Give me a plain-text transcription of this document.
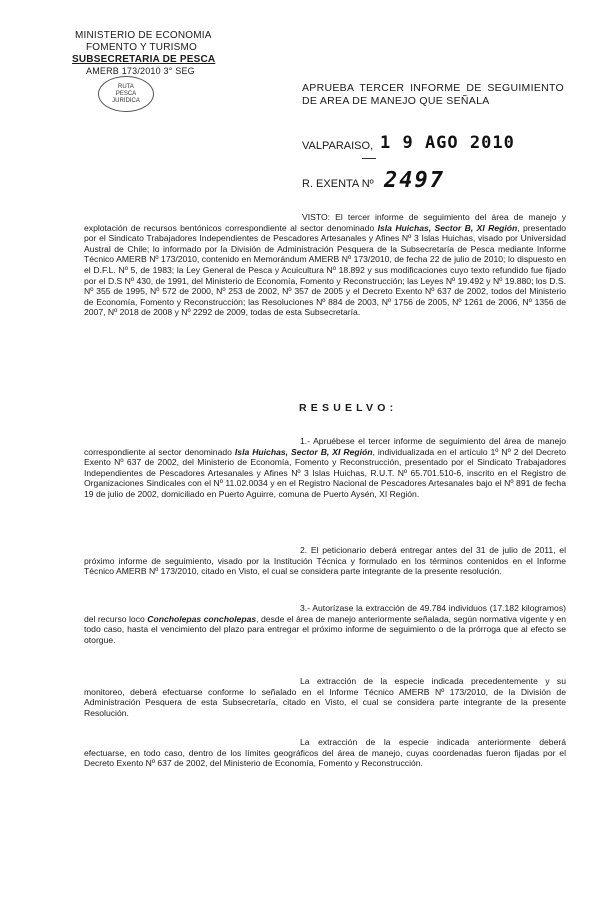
MINISTERIO DE ECONOMIA
FOMENTO Y TURISMO
SUBSECRETARIA DE PESCA
AMERB 173/2010 3° SEG
RUTA
PESCA
JURIDICA
APRUEBA TERCER INFORME DE SEGUIMIENTO DE AREA DE MANEJO QUE SEÑALA
VALPARAISO, 1 9 AGO 2010
R. EXENTA Nº 2497
VISTO: El tercer informe de seguimiento del área de manejo y explotación de recursos bentónicos correspondiente al sector denominado Isla Huichas, Sector B, XI Región, presentado por el Sindicato Trabajadores Independientes de Pescadores Artesanales y Afines Nº 3 Islas Huichas, visado por Universidad Austral de Chile; lo informado por la División de Administración Pesquera de la Subsecretaría de Pesca mediante Informe Técnico AMERB Nº 173/2010, contenido en Memorándum AMERB Nº 173/2010, de fecha 22 de julio de 2010; lo dispuesto en el D.F.L. Nº 5, de 1983; la Ley General de Pesca y Acuicultura Nº 18.892 y sus modificaciones cuyo texto refundido fue fijado por el D.S Nº 430, de 1991, del Ministerio de Economía, Fomento y Reconstrucción; las Leyes Nº 19.492 y Nº 19.880; los D.S. Nº 355 de 1995, Nº 572 de 2000, Nº 253 de 2002, Nº 357 de 2005 y el Decreto Exento Nº 637 de 2002, todos del Ministerio de Economía, Fomento y Reconstrucción; las Resoluciones Nº 884 de 2003, Nº 1756 de 2005, Nº 1261 de 2006, Nº 1356 de 2007, Nº 2018 de 2008 y Nº 2292 de 2009, todas de esta Subsecretaría.
RESUELVO:
1.- Apruébese el tercer informe de seguimiento del área de manejo correspondiente al sector denominado Isla Huichas, Sector B, XI Región, individualizada en el artículo 1º Nº 2 del Decreto Exento Nº 637 de 2002, del Ministerio de Economía, Fomento y Reconstrucción, presentado por el Sindicato Trabajadores Independientes de Pescadores Artesanales y Afines Nº 3 Islas Huichas, R.U.T. Nº 65.701.510-6, inscrito en el Registro de Organizaciones Sindicales con el Nº 11.02.0034 y en el Registro Nacional de Pescadores Artesanales bajo el Nº 891 de fecha 19 de julio de 2002, domiciliado en Puerto Aguirre, comuna de Puerto Aysén, XI Región.
2. El peticionario deberá entregar antes del 31 de julio de 2011, el próximo informe de seguimiento, visado por la Institución Técnica y formulado en los términos contenidos en el Informe Técnico AMERB Nº 173/2010, citado en Visto, el cual se considera parte integrante de la presente resolución.
3.- Autorízase la extracción de 49.784 individuos (17.182 kilogramos) del recurso loco Concholepas concholepas, desde el área de manejo anteriormente señalada, según normativa vigente y en todo caso, hasta el vencimiento del plazo para entregar el próximo informe de seguimiento o de la prórroga que al efecto se otorgue.
La extracción de la especie indicada precedentemente y su monitoreo, deberá efectuarse conforme lo señalado en el Informe Técnico AMERB Nº 173/2010, de la División de Administración Pesquera de esta Subsecretaría, citado en Visto, el cual se considera parte integrante de la presente Resolución.
La extracción de la especie indicada anteriormente deberá efectuarse, en todo caso, dentro de los límites geográficos del área de manejo, cuyas coordenadas fueron fijadas por el Decreto Exento Nº 637 de 2002, del Ministerio de Economía, Fomento y Reconstrucción.
